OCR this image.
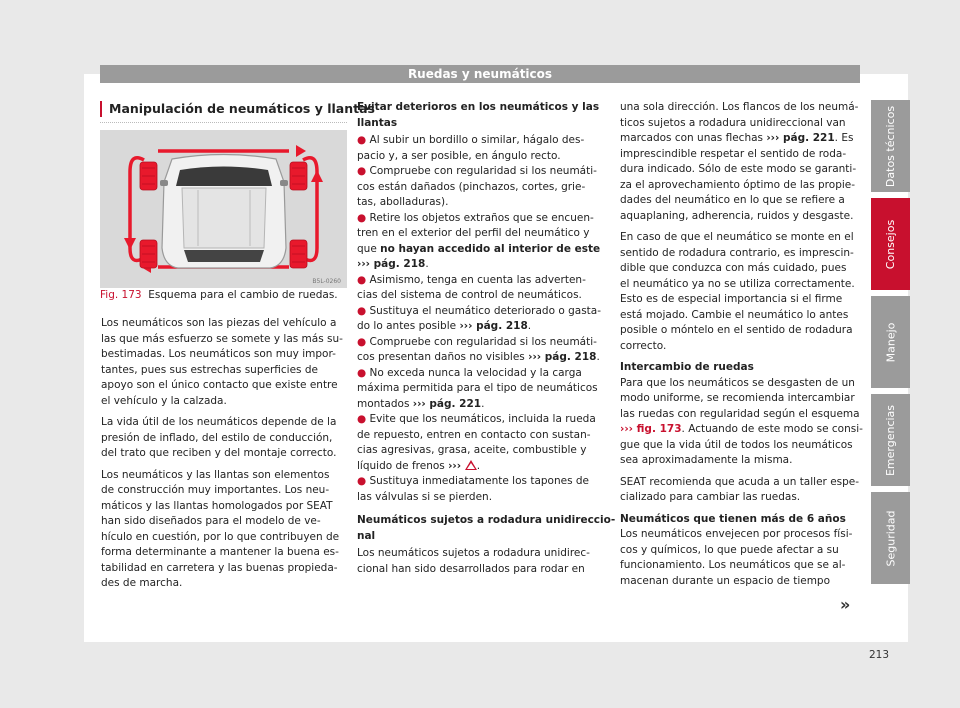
Ruedas y neumáticos
Manipulación de neumáticos y llantas
B5L-0260
Fig. 173 Esquema para el cambio de ruedas.

Los neumáticos son las piezas del vehículo a
las que más esfuerzo se somete y las más su-
bestimadas. Los neumáticos son muy impor-
tantes, pues sus estrechas superficies de
apoyo son el único contacto que existe entre
el vehículo y la calzada.

La vida útil de los neumáticos depende de la
presión de inflado, del estilo de conducción,
del trato que reciben y del montaje correcto.

Los neumáticos y las llantas son elementos
de construcción muy importantes. Los neu-
máticos y las llantas homologados por SEAT
han sido diseñados para el modelo de ve-
hículo en cuestión, por lo que contribuyen de
forma determinante a mantener la buena es-
tabilidad en carretera y las buenas propieda-
des de marcha.

Evitar deterioros en los neumáticos y las
llantas
● Al subir un bordillo o similar, hágalo des-
pacio y, a ser posible, en ángulo recto.
● Compruebe con regularidad si los neumáti-
cos están dañados (pinchazos, cortes, grie-
tas, abolladuras).
● Retire los objetos extraños que se encuen-
tren en el exterior del perfil del neumático y
que no hayan accedido al interior de este
››› pág. 218.
● Asimismo, tenga en cuenta las adverten-
cias del sistema de control de neumáticos.
● Sustituya el neumático deteriorado o gasta-
do lo antes posible ››› pág. 218.
● Compruebe con regularidad si los neumáti-
cos presentan daños no visibles ››› pág. 218.
● No exceda nunca la velocidad y la carga
máxima permitida para el tipo de neumáticos
montados ››› pág. 221.
● Evite que los neumáticos, incluida la rueda
de repuesto, entren en contacto con sustan-
cias agresivas, grasa, aceite, combustible y
líquido de frenos ››› .
● Sustituya inmediatamente los tapones de
las válvulas si se pierden.
Neumáticos sujetos a rodadura unidireccio-
nal
Los neumáticos sujetos a rodadura unidirec-
cional han sido desarrollados para rodar en

una sola dirección. Los flancos de los neumá-
ticos sujetos a rodadura unidireccional van
marcados con unas flechas ››› pág. 221. Es
imprescindible respetar el sentido de roda-
dura indicado. Sólo de este modo se garanti-
za el aprovechamiento óptimo de las propie-
dades del neumático en lo que se refiere a
aquaplaning, adherencia, ruidos y desgaste.

En caso de que el neumático se monte en el
sentido de rodadura contrario, es imprescin-
dible que conduzca con más cuidado, pues
el neumático ya no se utiliza correctamente.
Esto es de especial importancia si el firme
está mojado. Cambie el neumático lo antes
posible o móntelo en el sentido de rodadura
correcto.

Intercambio de ruedas

Para que los neumáticos se desgasten de un
modo uniforme, se recomienda intercambiar
las ruedas con regularidad según el esquema
››› fig. 173. Actuando de este modo se consi-
gue que la vida útil de todos los neumáticos
sea aproximadamente la misma.

SEAT recomienda que acuda a un taller espe-
cializado para cambiar las ruedas.

Neumáticos que tienen más de 6 años

Los neumáticos envejecen por procesos físi-
cos y químicos, lo que puede afectar a su
funcionamiento. Los neumáticos que se al-
macenan durante un espacio de tiempo

»
213
Datos técnicos
Consejos
Manejo
Emergencias
Seguridad
